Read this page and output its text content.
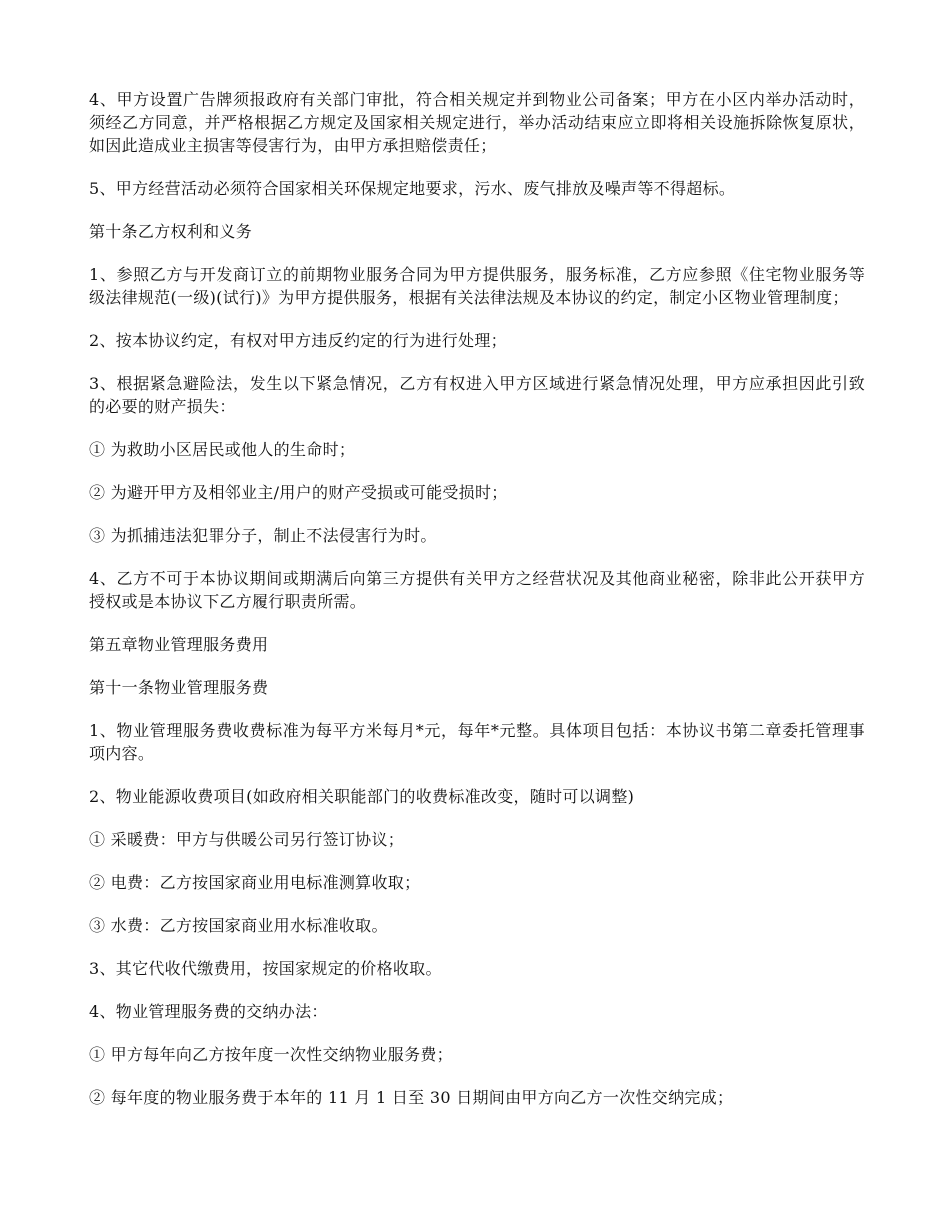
4、甲方设置广告牌须报政府有关部门审批，符合相关规定并到物业公司备案；甲方在小区内举办活动时，须经乙方同意，并严格根据乙方规定及国家相关规定进行，举办活动结束应立即将相关设施拆除恢复原状，如因此造成业主损害等侵害行为，由甲方承担赔偿责任；

5、甲方经营活动必须符合国家相关环保规定地要求，污水、废气排放及噪声等不得超标。

第十条乙方权利和义务

1、参照乙方与开发商订立的前期物业服务合同为甲方提供服务，服务标准，乙方应参照《住宅物业服务等级法律规范(一级)(试行)》为甲方提供服务，根据有关法律法规及本协议的约定，制定小区物业管理制度；

2、按本协议约定，有权对甲方违反约定的行为进行处理；

3、根据紧急避险法，发生以下紧急情况，乙方有权进入甲方区域进行紧急情况处理，甲方应承担因此引致的必要的财产损失：

① 为救助小区居民或他人的生命时；

② 为避开甲方及相邻业主/用户的财产受损或可能受损时；

③ 为抓捕违法犯罪分子，制止不法侵害行为时。

4、乙方不可于本协议期间或期满后向第三方提供有关甲方之经营状况及其他商业秘密，除非此公开获甲方授权或是本协议下乙方履行职责所需。

第五章物业管理服务费用

第十一条物业管理服务费

1、物业管理服务费收费标准为每平方米每月*元，每年*元整。具体项目包括：本协议书第二章委托管理事项内容。

2、物业能源收费项目(如政府相关职能部门的收费标准改变，随时可以调整)

① 采暖费：甲方与供暖公司另行签订协议；

② 电费：乙方按国家商业用电标准测算收取；

③ 水费：乙方按国家商业用水标准收取。

3、其它代收代缴费用，按国家规定的价格收取。

4、物业管理服务费的交纳办法：

① 甲方每年向乙方按年度一次性交纳物业服务费；

② 每年度的物业服务费于本年的 11 月 1 日至 30 日期间由甲方向乙方一次性交纳完成；
